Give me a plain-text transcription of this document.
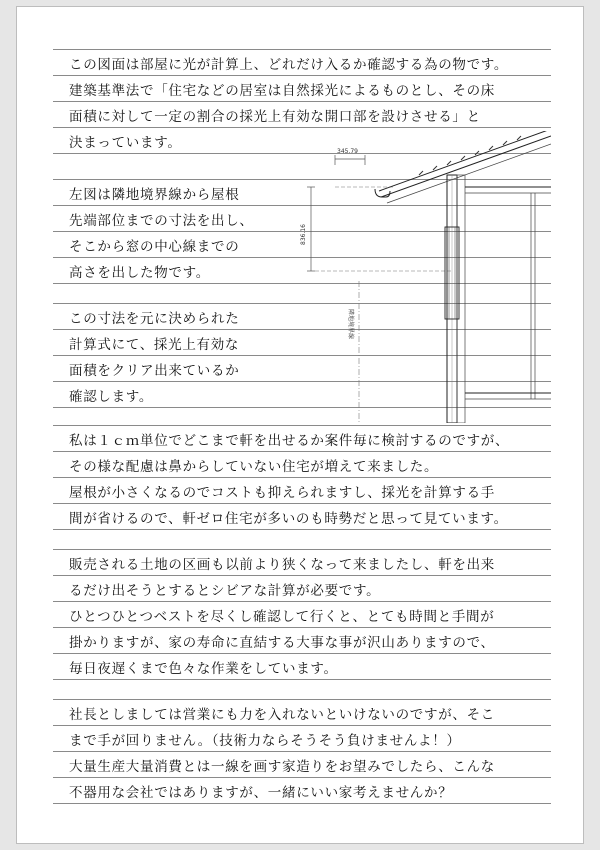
この図面は部屋に光が計算上、どれだけ入るか確認する為の物です。
建築基準法で「住宅などの居室は自然採光によるものとし、その床
面積に対して一定の割合の採光上有効な開口部を設けさせる」と
決まっています。
左図は隣地境界線から屋根
先端部位までの寸法を出し、
そこから窓の中心線までの
高さを出した物です。
この寸法を元に決められた
計算式にて、採光上有効な
面積をクリア出来ているか
確認します。
私は１ｃｍ単位でどこまで軒を出せるか案件毎に検討するのですが、
その様な配慮は鼻からしていない住宅が増えて来ました。
屋根が小さくなるのでコストも抑えられますし、採光を計算する手
間が省けるので、軒ゼロ住宅が多いのも時勢だと思って見ています。
販売される土地の区画も以前より狭くなって来ましたし、軒を出来
るだけ出そうとするとシビアな計算が必要です。
ひとつひとつベストを尽くし確認して行くと、とても時間と手間が
掛かりますが、家の寿命に直結する大事な事が沢山ありますので、
毎日夜遅くまで色々な作業をしています。
社長としましては営業にも力を入れないといけないのですが、そこ
まで手が回りません。（技術力ならそうそう負けませんよ！）
大量生産大量消費とは一線を画す家造りをお望みでしたら、こんな
不器用な会社ではありますが、一緒にいい家考えませんか？
345.79
836.16
隣地境界線
